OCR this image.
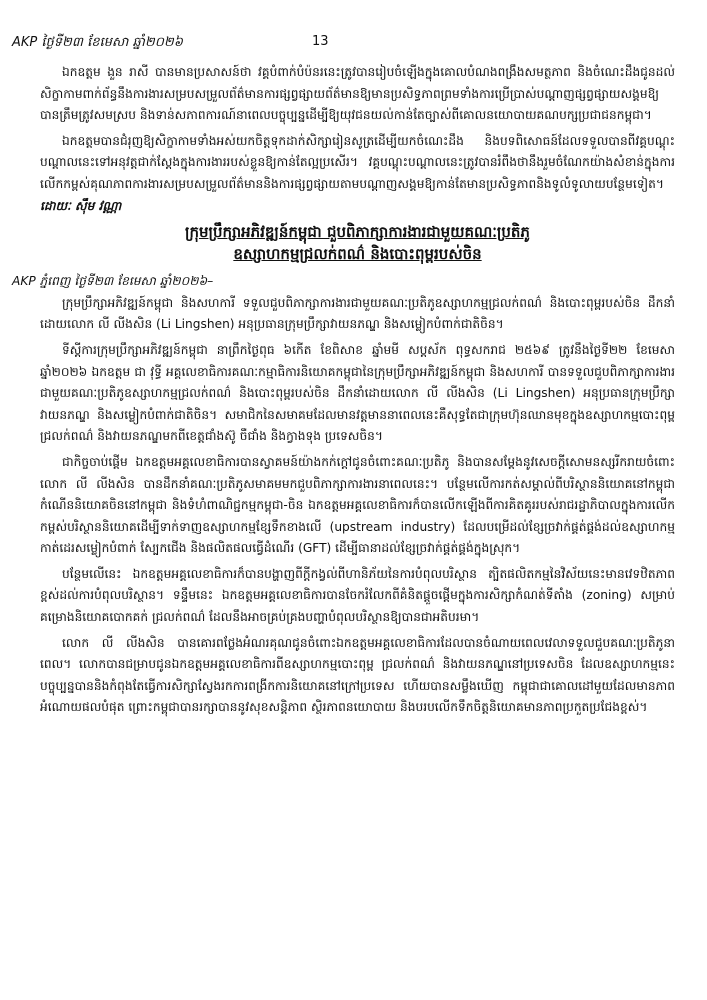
AKP ថ្ងៃទី២៣ ខែមេសា ឆ្នាំ២០២៦	13

ឯកឧត្តម ងួន រាសី បានមានប្រសាសន៍ថា វគ្គបំពាក់បំប៉នរនេះត្រូវបានរៀបចំឡើងក្នុងគោលបំណងពង្រឹងសមត្ថភាព និងចំណេះដឹងជូនដល់សិក្ខាកាមពាក់ព័ន្ធនឹងការងារសម្របសម្រួលព័ត៌មានការផ្សព្វផ្សាយព័ត៌មានឱ្យមានប្រសិទ្ធភាពព្រមទាំងការប្រើប្រាស់បណ្តាញផ្សព្វផ្សាយសង្គមឱ្យបានត្រឹមត្រូវសមស្រប និងទាន់សភាពការណ៍នាពេលបច្ចុប្បន្នដើម្បីឱ្យយុវជនយល់កាន់តែច្បាស់ពីគោលនយោបាយគណបក្សប្រជាជនកម្ពុជា។

ឯកឧត្តមបានជំរុញឱ្យសិក្ខាកាមទាំងអស់យកចិត្តទុកដាក់សិក្សារៀនសូត្រដើម្បីយកចំណេះដឹង និងបទពិសោធន៍ដែលទទួលបានពីវគ្គបណ្តុះបណ្តាលនេះទៅអនុវត្តជាក់ស្តែងក្នុងការងាររបស់ខ្លួនឱ្យកាន់តែល្អប្រសើរ។ វគ្គបណ្តុះបណ្តាលនេះត្រូវបានរំពឹងថានឹងរួមចំណែកយ៉ាងសំខាន់ក្នុងការលើកកម្ពស់គុណភាពការងារសម្របសម្រួលព័ត៌មាននិងការផ្សព្វផ្សាយតាមបណ្តាញសង្គមឱ្យកាន់តែមានប្រសិទ្ធភាពនិងទូលំទូលាយបន្ថែមទៀត។ ដោយៈ ស៊ឹម វណ្ណា

ក្រុមប្រឹក្សាអភិវឌ្ឍន៍កម្ពុជា ជួបពិភាក្សាការងារជាមួយគណៈប្រតិភូ
ឧស្សាហកម្មជ្រលក់ពណ៌ និងបោះពុម្ពរបស់ចិន
AKP ភ្នំពេញ ថ្ងៃទី២៣ ខែមេសា ឆ្នាំ២០២៦–

ក្រុមប្រឹក្សាអភិវឌ្ឍន៍កម្ពុជា និងសហការី ទទួលជួបពិភាក្សាការងារជាមួយគណៈប្រតិភូឧស្សាហកម្មជ្រលក់ពណ៌ និងបោះពុម្ពរបស់ចិន ដឹកនាំដោយលោក លី លីងសិន (Li Lingshen) អនុប្រធានក្រុមប្រឹក្សាវាយនភណ្ឌ និងសម្លៀកបំពាក់ជាតិចិន។

ទីស្តីការក្រុមប្រឹក្សាអភិវឌ្ឍន៍កម្ពុជា នាព្រឹកថ្ងៃពុធ ៦កើត ខែពិសាខ ឆ្នាំមមី សប្តស័ក ពុទ្ធសករាជ ២៥៦៩ ត្រូវនឹងថ្ងៃទី២២ ខែមេសា ឆ្នាំ២០២៦ ឯកឧត្តម ជា វុទ្ធី អគ្គលេខាធិការគណៈកម្មាធិការនិយោគកម្ពុជានៃក្រុមប្រឹក្សាអភិវឌ្ឍន៍កម្ពុជា និងសហការី បានទទួលជួបពិភាក្សាការងារជាមួយគណៈប្រតិភូឧស្សាហកម្មជ្រលក់ពណ៌ និងបោះពុម្ពរបស់ចិន ដឹកនាំដោយលោក លី លីងសិន (Li Lingshen) អនុប្រធានក្រុមប្រឹក្សាវាយនភណ្ឌ និងសម្លៀកបំពាក់ជាតិចិន។ សមាជិកនៃសមាគមដែលមានវត្តមាននាពេលនេះគឺសុទ្ធតែជាក្រុមហ៊ុនឈានមុខក្នុងឧស្សាហកម្មបោះពុម្ព ជ្រលក់ពណ៌ និងវាយនភណ្ឌមកពីខេត្តជាំងស៊ូ ចឺជាំង និងក្វាងទុង ប្រទេសចិន។

ជាកិច្ចចាប់ផ្តើម ឯកឧត្តមអគ្គលេខាធិការបានស្វាគមន៍យ៉ាងកក់ក្តៅជូនចំពោះគណៈប្រតិភូ និងបានសម្តែងនូវសេចក្តីសោមនស្សរីករាយចំពោះលោក លី លីងសិន បានដឹកនាំគណៈប្រតិភូសមាគមមកជួបពិភាក្សាការងារនាពេលនេះ។ បន្ថែមលើការកត់សម្គាល់ពីបរិស្ថាននិយោគនៅកម្ពុជា កំណើននិយោគចិននៅកម្ពុជា និងទំហំពាណិជ្ជកម្មកម្ពុជា-ចិន ឯកឧត្តមអគ្គលេខាធិការក៏បានលើកឡើងពីការគិតគូររបស់រាជរដ្ឋាភិបាលក្នុងការលើកកម្ពស់បរិស្ថាននិយោគដើម្បីទាក់ទាញឧស្សាហកម្មខ្សែទឹកខាងលើ (upstream industry) ដែលបម្រើដល់ខ្សែច្រវាក់ផ្គត់ផ្គង់ដល់ឧស្សាហកម្មកាត់ដេរសម្លៀកបំពាក់ ស្បែកជើង និងផលិតផលធ្វើដំណើរ (GFT) ដើម្បីធានាដល់ខ្សែច្រវាក់ផ្គត់ផ្គង់ក្នុងស្រុក។

បន្ថែមលើនេះ ឯកឧត្តមអគ្គលេខាធិការក៏បានបង្ហាញពីក្តីកង្វល់ពីហានិភ័យនៃការបំពុលបរិស្ថាន ត្បិតផលិតកម្មនៃវិស័យនេះមានវេទឋិតភាពខ្ពស់ដល់ការបំពុលបរិស្ថាន។ ទន្ទឹមនេះ ឯកឧត្តមអគ្គលេខាធិការបានចែករំលែកពីគំនិតផ្តួចផ្តើមក្នុងការសិក្សាកំណត់ទីតាំង (zoning) សម្រាប់គម្រោងនិយោគបោកគក់ ជ្រលក់ពណ៌ ដែលនឹងអាចគ្រប់គ្រងបញ្ហាបំពុលបរិស្ថានឱ្យបានជាអតិបរមា។

លោក លី លីងសិន បានគោរពថ្លែងអំណរគុណជូនចំពោះឯកឧត្តមអគ្គលេខាធិការដែលបានចំណាយពេលវេលាទទួលជួបគណៈប្រតិភូនាពេល។ លោកបានជម្រាបជូនឯកឧត្តមអគ្គលេខាធិការពីឧស្សាហកម្មបោះពុម្ព ជ្រលក់ពណ៌ និងវាយនភណ្ឌនៅប្រទេសចិន ដែលឧស្សាហកម្មនេះបច្ចុប្បន្នបាននិងកំពុងតែធ្វើការសិក្សាស្វែងរកការពង្រីកការនិយោគនៅក្រៅប្រទេស ហើយបានសម្លឹងឃើញ កម្ពុជាជាគោលដៅមួយដែលមានភាពអំណោយផលបំផុត ព្រោះកម្ពុជាបានរក្សាបាននូវសុខសន្តិភាព ស្ថិរភាពនយោបាយ និងបរបលើកទឹកចិត្តនិយោគមានភាពប្រកួតប្រជែងខ្ពស់។
